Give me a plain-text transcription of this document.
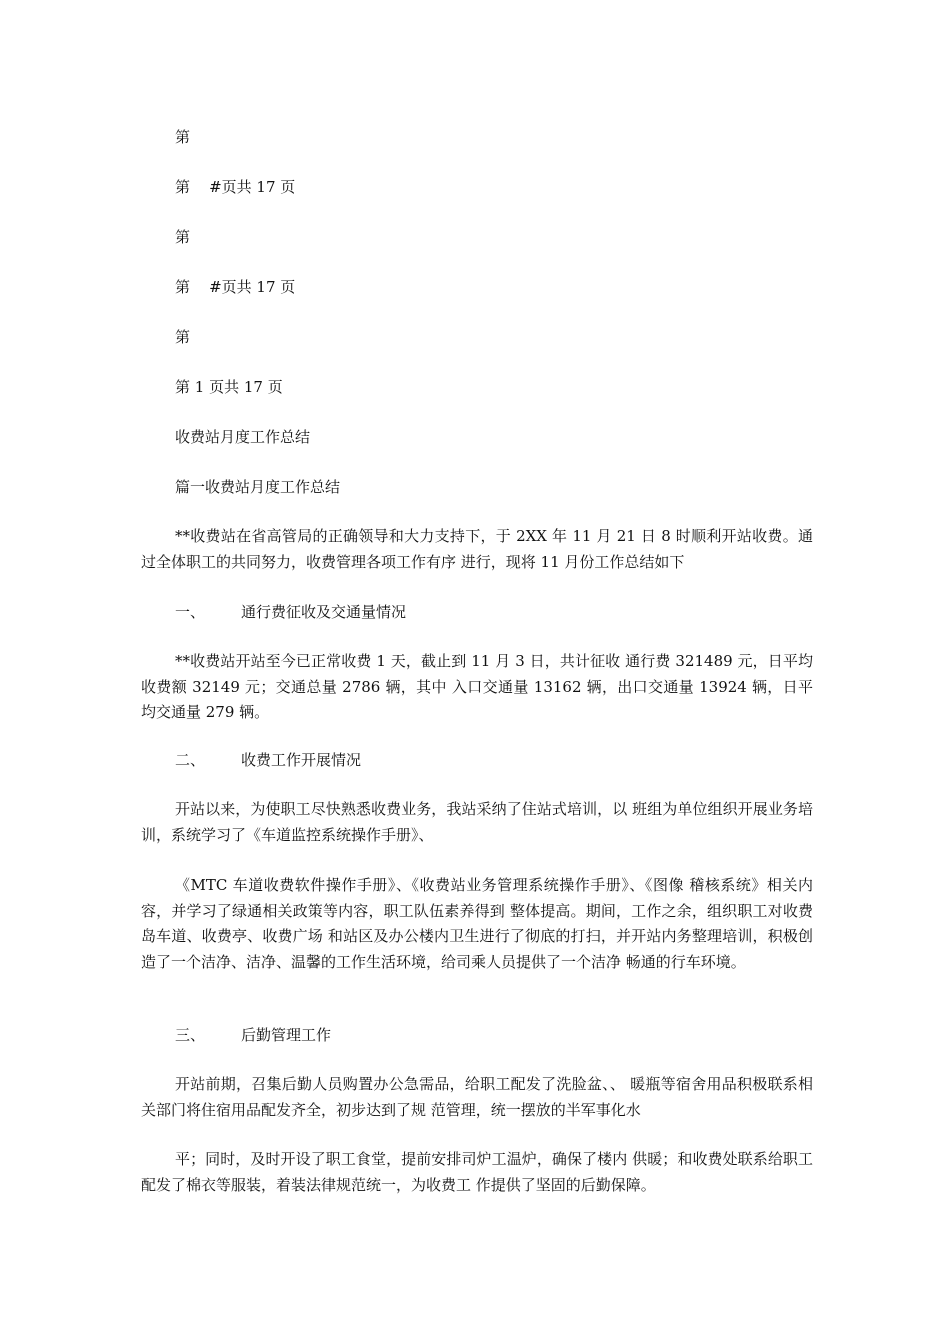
第
第    #页共 17 页
第
第    #页共 17 页
第
第 1 页共 17 页
收费站月度工作总结
篇一收费站月度工作总结
**收费站在省高管局的正确领导和大力支持下，于 2XX 年 11 月 21 日 8 时顺利开站收费。通过全体职工的共同努力，收费管理各项工作有序 进行，现将 11 月份工作总结如下
一、 通行费征收及交通量情况
**收费站开站至今已正常收费 1 天，截止到 11 月 3 日，共计征收 通行费 321489 元，日平均收费额 32149 元；交通总量 2786 辆，其中 入口交通量 13162 辆，出口交通量 13924 辆，日平均交通量 279 辆。
二、 收费工作开展情况
开站以来，为使职工尽快熟悉收费业务，我站采纳了住站式培训，以 班组为单位组织开展业务培训，系统学习了《车道监控系统操作手册》、
《MTC 车道收费软件操作手册》、《收费站业务管理系统操作手册》、《图像 稽核系统》相关内容，并学习了绿通相关政策等内容，职工队伍素养得到 整体提高。期间，工作之余，组织职工对收费岛车道、收费亭、收费广场 和站区及办公楼内卫生进行了彻底的打扫，并开站内务整理培训，积极创 造了一个洁净、洁净、温馨的工作生活环境，给司乘人员提供了一个洁净 畅通的行车环境。
三、 后勤管理工作
开站前期，召集后勤人员购置办公急需品，给职工配发了洗脸盆、、 暖瓶等宿舍用品积极联系相关部门将住宿用品配发齐全，初步达到了规 范管理，统一摆放的半军事化水
平；同时，及时开设了职工食堂，提前安排司炉工温炉，确保了楼内 供暖；和收费处联系给职工配发了棉衣等服装，着装法律规范统一，为收费工 作提供了坚固的后勤保障。
